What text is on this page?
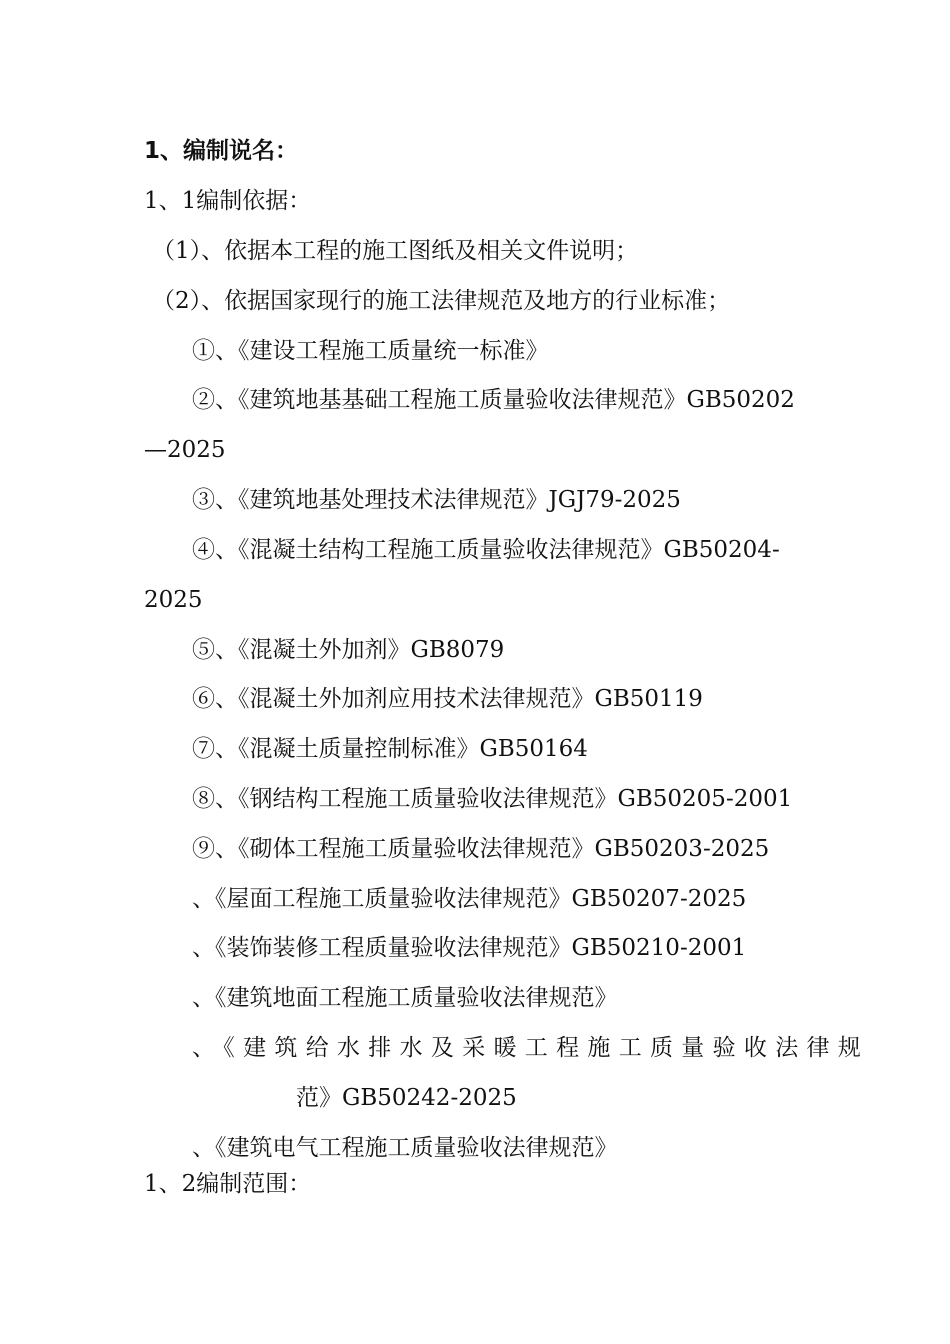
1、编制说名：
1、1编制依据：
（1）、依据本工程的施工图纸及相关文件说明；
（2）、依据国家现行的施工法律规范及地方的行业标准；
①、《建设工程施工质量统一标准》
②、《建筑地基基础工程施工质量验收法律规范》GB50202
—2025
③、《建筑地基处理技术法律规范》JGJ79-2025
④、《混凝土结构工程施工质量验收法律规范》GB50204-
2025
⑤、《混凝土外加剂》GB8079
⑥、《混凝土外加剂应用技术法律规范》GB50119
⑦、《混凝土质量控制标准》GB50164
⑧、《钢结构工程施工质量验收法律规范》GB50205-2001
⑨、《砌体工程施工质量验收法律规范》GB50203-2025
、《屋面工程施工质量验收法律规范》GB50207-2025
、《装饰装修工程质量验收法律规范》GB50210-2001
、《建筑地面工程施工质量验收法律规范》
、《建筑给水排水及采暖工程施工质量验收法律规
范》GB50242-2025
、《建筑电气工程施工质量验收法律规范》
1、2编制范围：
